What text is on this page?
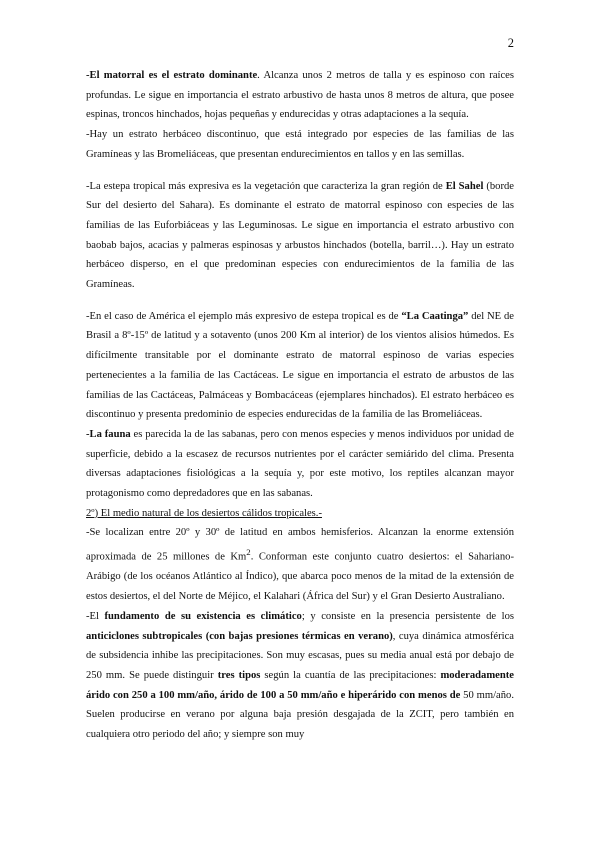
2

-El matorral es el estrato dominante. Alcanza unos 2 metros de talla y es espinoso con raíces profundas. Le sigue en importancia el estrato arbustivo de hasta unos 8 metros de altura, que posee espinas, troncos hinchados, hojas pequeñas y endurecidas y otras adaptaciones a la sequía.

-Hay un estrato herbáceo discontinuo, que está integrado por especies de las familias de las Gramíneas y las Bromeliáceas, que presentan endurecimientos en tallos y en las semillas.

-La estepa tropical más expresiva es la vegetación que caracteriza la gran región de El Sahel (borde Sur del desierto del Sahara). Es dominante el estrato de matorral espinoso con especies de las familias de las Euforbiáceas y las Leguminosas. Le sigue en importancia el estrato arbustivo con baobab bajos, acacias y palmeras espinosas y arbustos hinchados (botella, barril…). Hay un estrato herbáceo disperso, en el que predominan especies con endurecimientos de la familia de las Gramíneas.

-En el caso de América el ejemplo más expresivo de estepa tropical es de “La Caatinga” del NE de Brasil a 8º-15º de latitud y a sotavento (unos 200 Km al interior) de los vientos alisios húmedos. Es difícilmente transitable por el dominante estrato de matorral espinoso de varias especies pertenecientes a la familia de las Cactáceas. Le sigue en importancia el estrato de arbustos de las familias de las Cactáceas, Palmáceas y Bombacáceas (ejemplares hinchados). El estrato herbáceo es discontinuo y presenta predominio de especies endurecidas de la familia de las Bromeliáceas.

-La fauna es parecida la de las sabanas, pero con menos especies y menos individuos por unidad de superficie, debido a la escasez de recursos nutrientes por el carácter semiárido del clima. Presenta diversas adaptaciones fisiológicas a la sequía y, por este motivo, los reptiles alcanzan mayor protagonismo como depredadores que en las sabanas.

2º) El medio natural de los desiertos cálidos tropicales.-

-Se localizan entre 20º y 30º de latitud en ambos hemisferios. Alcanzan la enorme extensión aproximada de 25 millones de Km$^2$. Conforman este conjunto cuatro desiertos: el Sahariano-Arábigo (de los océanos Atlántico al Índico), que abarca poco menos de la mitad de la extensión de estos desiertos, el del Norte de Méjico, el Kalahari (África del Sur) y el Gran Desierto Australiano.

-El fundamento de su existencia es climático; y consiste en la presencia persistente de los anticiclones subtropicales (con bajas presiones térmicas en verano), cuya dinámica atmosférica de subsidencia inhibe las precipitaciones. Son muy escasas, pues su media anual está por debajo de 250 mm. Se puede distinguir tres tipos según la cuantía de las precipitaciones: moderadamente árido con 250 a 100 mm/año, árido de 100 a 50 mm/año e hiperárido con menos de 50 mm/año. Suelen producirse en verano por alguna baja presión desgajada de la ZCIT, pero también en cualquiera otro periodo del año; y siempre son muy
